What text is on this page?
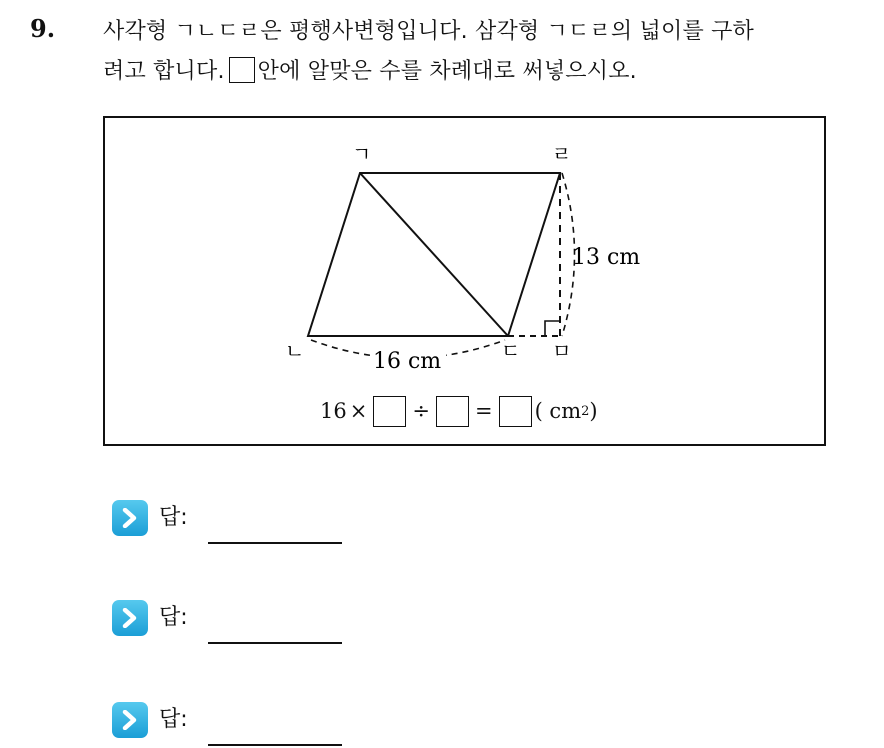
9. 사각형 ㄱㄴㄷㄹ은 평행사변형입니다. 삼각형 ㄱㄷㄹ의 넓이를 구하
려고 합니다. 안에 알맞은 수를 차례대로 써넣으시오.
ㄱ	ㄹ
ㄴ	ㄷ ㅁ
13 cm
16 cm
16 × ÷ = ( cm 2 )
답:
답:
답:
